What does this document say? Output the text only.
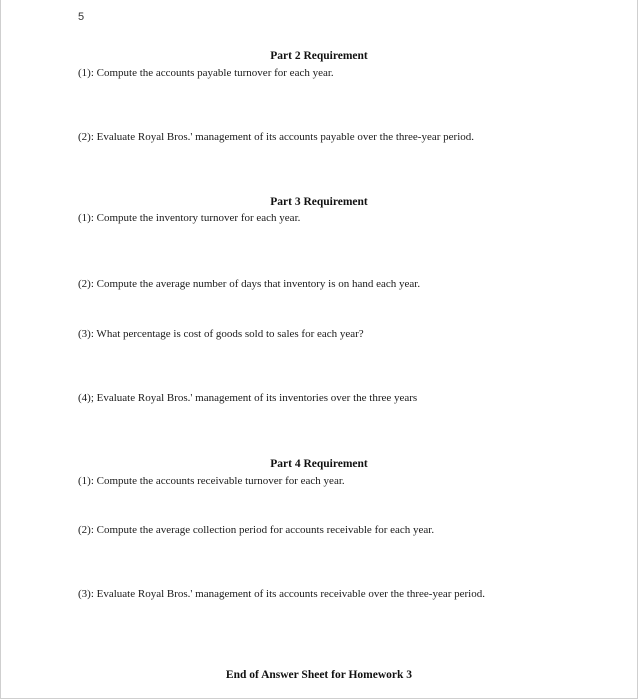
5
Part 2 Requirement
(1): Compute the accounts payable turnover for each year.
(2): Evaluate Royal Bros.' management of its accounts payable over the three-year period.
Part 3 Requirement
(1): Compute the inventory turnover for each year.
(2): Compute the average number of days that inventory is on hand each year.
(3): What percentage is cost of goods sold to sales for each year?
(4); Evaluate Royal Bros.' management of its inventories over the three years
Part 4 Requirement
(1): Compute the accounts receivable turnover for each year.
(2): Compute the average collection period for accounts receivable for each year.
(3): Evaluate Royal Bros.' management of its accounts receivable over the three-year period.
End of Answer Sheet for Homework 3
